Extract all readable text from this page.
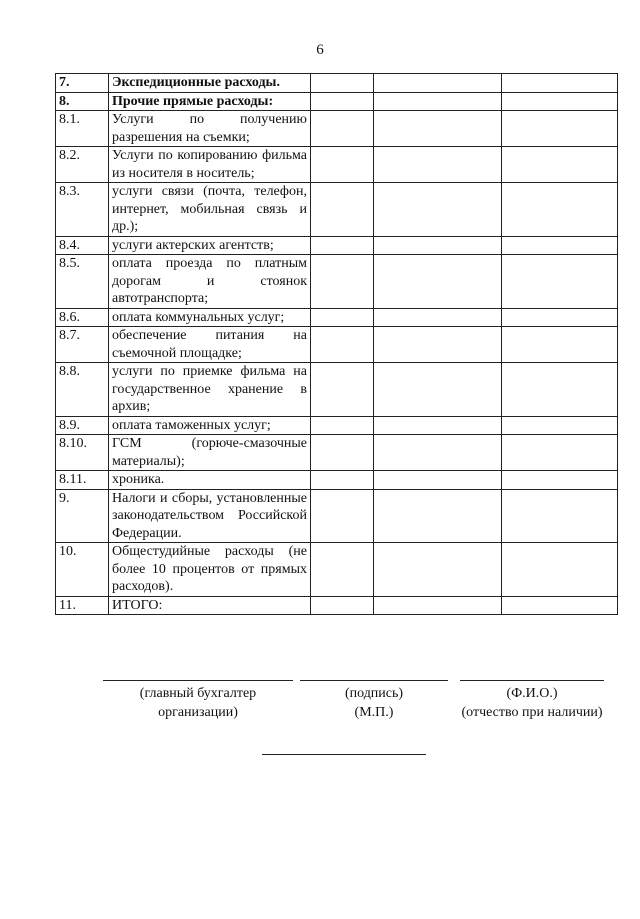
6
7.	Экспедиционные расходы.			
8.	Прочие прямые расходы:			
8.1.	Услуги по получению разрешения на съемки;			
8.2.	Услуги по копированию фильма из носителя в носитель;			
8.3.	услуги связи (почта, телефон, интернет, мобильная связь и др.);			
8.4.	услуги актерских агентств;			
8.5.	оплата проезда по платным дорогам и стоянок автотранспорта;			
8.6.	оплата коммунальных услуг;			
8.7.	обеспечение питания на съемочной площадке;			
8.8.	услуги по приемке фильма на государственное хранение в архив;			
8.9.	оплата таможенных услуг;			
8.10.	ГСМ (горюче-смазочные материалы);			
8.11.	хроника.			
9.	Налоги и сборы, установленные законодательством Российской Федерации.			
10.	Общестудийные расходы (не более 10 процентов от прямых расходов).			
11.	ИТОГО:			
(главный бухгалтер
организации)
(подпись)
(М.П.)
(Ф.И.О.)
(отчество при наличии)
